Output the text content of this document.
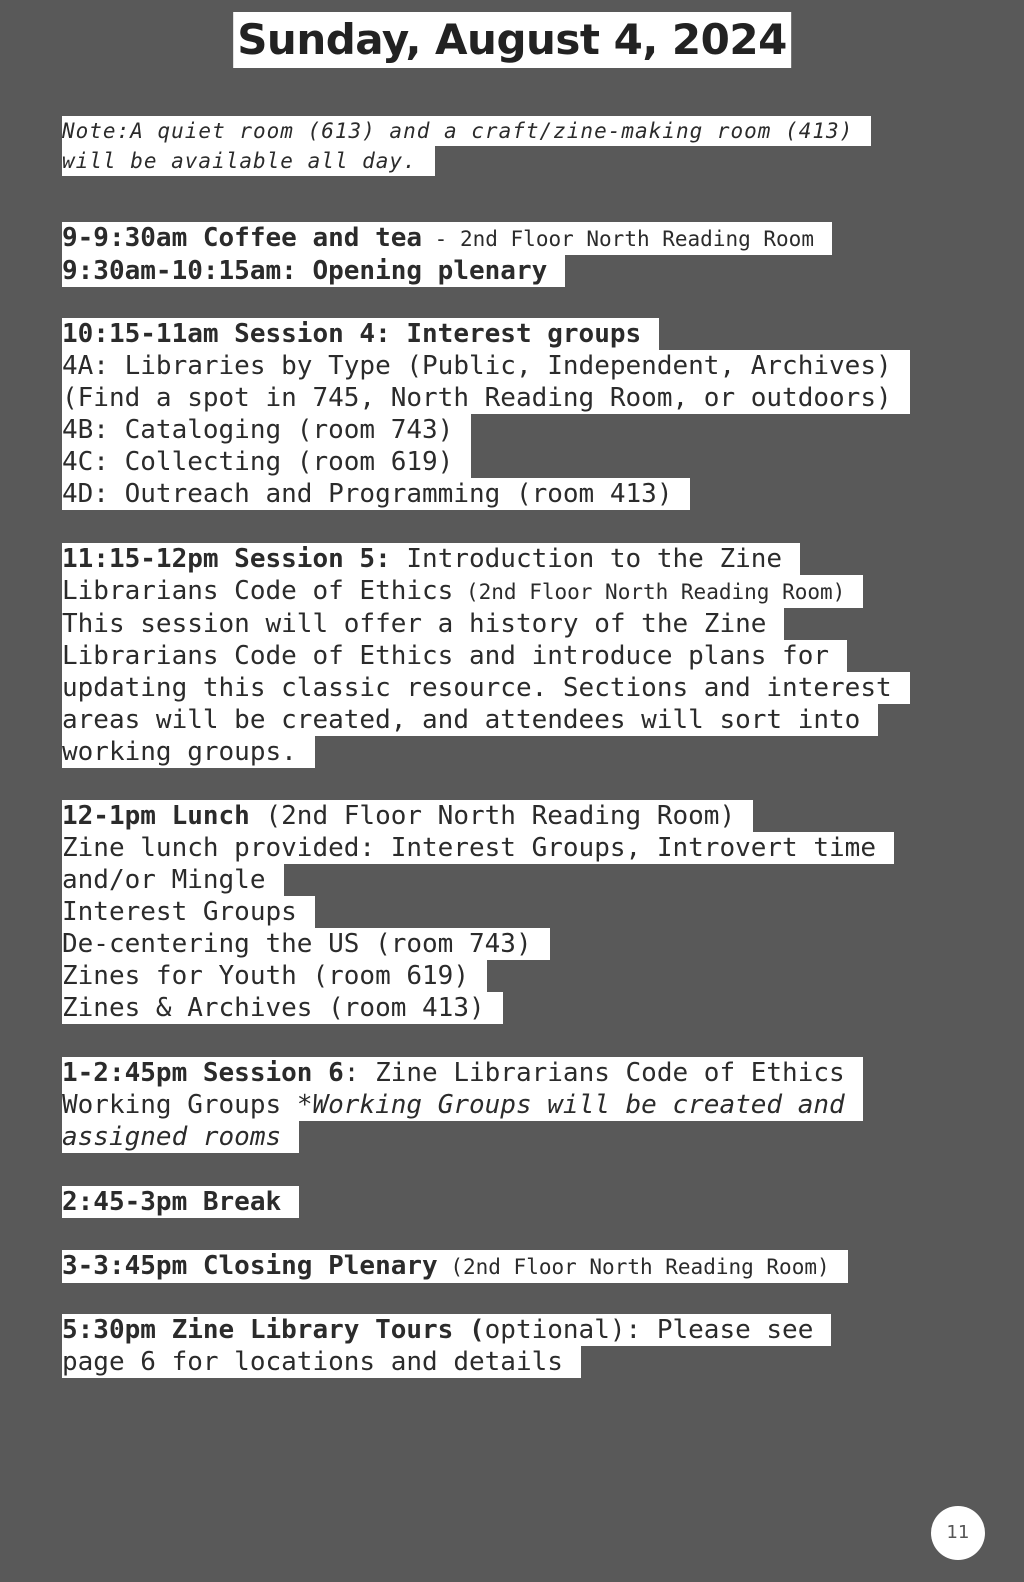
Sunday, August 4, 2024
Note:A quiet room (613) and a craft/zine-making room (413)
will be available all day.
9-9:30am Coffee and tea - 2nd Floor North Reading Room
9:30am-10:15am: Opening plenary
10:15-11am Session 4: Interest groups
4A: Libraries by Type (Public, Independent, Archives)
(Find a spot in 745, North Reading Room, or outdoors)
4B: Cataloging (room 743)
4C: Collecting (room 619)
4D: Outreach and Programming (room 413)
11:15-12pm Session 5: Introduction to the Zine
Librarians Code of Ethics (2nd Floor North Reading Room)
This session will offer a history of the Zine
Librarians Code of Ethics and introduce plans for
updating this classic resource. Sections and interest
areas will be created, and attendees will sort into
working groups.
12-1pm Lunch (2nd Floor North Reading Room)
Zine lunch provided: Interest Groups, Introvert time
and/or Mingle
Interest Groups
De-centering the US (room 743)
Zines for Youth (room 619)
Zines & Archives (room 413)
1-2:45pm Session 6: Zine Librarians Code of Ethics
Working Groups *Working Groups will be created and
assigned rooms
2:45-3pm Break
3-3:45pm Closing Plenary (2nd Floor North Reading Room)
5:30pm Zine Library Tours (optional): Please see
page 6 for locations and details
11
